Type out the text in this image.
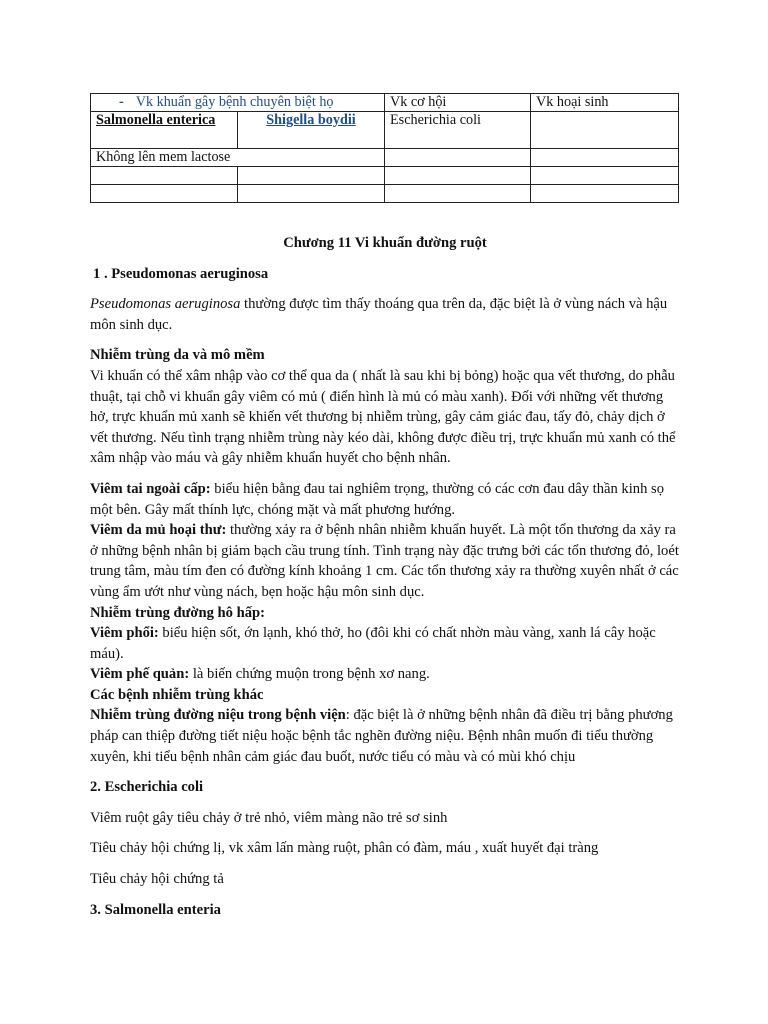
- Vk khuẩn gây bệnh chuyên biệt họ		Vk cơ hội	Vk hoại sinh
Salmonella enterica	Shigella boydii	Escherichia coli	
Không lên mem lactose			

Chương 11 Vi khuẩn đường ruột

1 . Pseudomonas aeruginosa

Pseudomonas aeruginosa thường được tìm thấy thoáng qua trên da, đặc biệt là ở vùng nách và hậu môn sinh dục.

Nhiễm trùng da và mô mềm

Vi khuẩn có thể xâm nhập vào cơ thể qua da ( nhất là sau khi bị bỏng) hoặc qua vết thương, do phẫu thuật, tại chỗ vi khuẩn gây viêm có mủ ( điển hình là mủ có màu xanh). Đối với những vết thương hở, trực khuẩn mủ xanh sẽ khiến vết thương bị nhiễm trùng, gây cảm giác đau, tấy đỏ, chảy dịch ở vết thương. Nếu tình trạng nhiễm trùng này kéo dài, không được điều trị, trực khuẩn mủ xanh có thể xâm nhập vào máu và gây nhiễm khuẩn huyết cho bệnh nhân.

Viêm tai ngoài cấp: biểu hiện bằng đau tai nghiêm trọng, thường có các cơn đau dây thần kinh sọ một bên. Gây mất thính lực, chóng mặt và mất phương hướng.

Viêm da mủ hoại thư: thường xảy ra ở bệnh nhân nhiễm khuẩn huyết. Là một tổn thương da xảy ra ở những bệnh nhân bị giảm bạch cầu trung tính. Tình trạng này đặc trưng bởi các tổn thương đỏ, loét trung tâm, màu tím đen có đường kính khoảng 1 cm. Các tổn thương xảy ra thường xuyên nhất ở các vùng ẩm ướt như vùng nách, bẹn hoặc hậu môn sinh dục.

Nhiễm trùng đường hô hấp:

Viêm phổi: biểu hiện sốt, ớn lạnh, khó thở, ho (đôi khi có chất nhờn màu vàng, xanh lá cây hoặc máu).

Viêm phế quản: là biến chứng muộn trong bệnh xơ nang.

Các bệnh nhiễm trùng khác

Nhiễm trùng đường niệu trong bệnh viện: đặc biệt là ở những bệnh nhân đã điều trị bằng phương pháp can thiệp đường tiết niệu hoặc bệnh tắc nghẽn đường niệu. Bệnh nhân muốn đi tiểu thường xuyên, khi tiểu bệnh nhân cảm giác đau buốt, nước tiểu có màu và có mùi khó chịu

2. Escherichia coli

Viêm ruột gây tiêu chảy ở trẻ nhỏ, viêm màng não trẻ sơ sinh

Tiêu chảy hội chứng lị, vk xâm lấn màng ruột, phân có đàm, máu , xuất huyết đại tràng

Tiêu chảy hội chứng tả

3. Salmonella enteria
